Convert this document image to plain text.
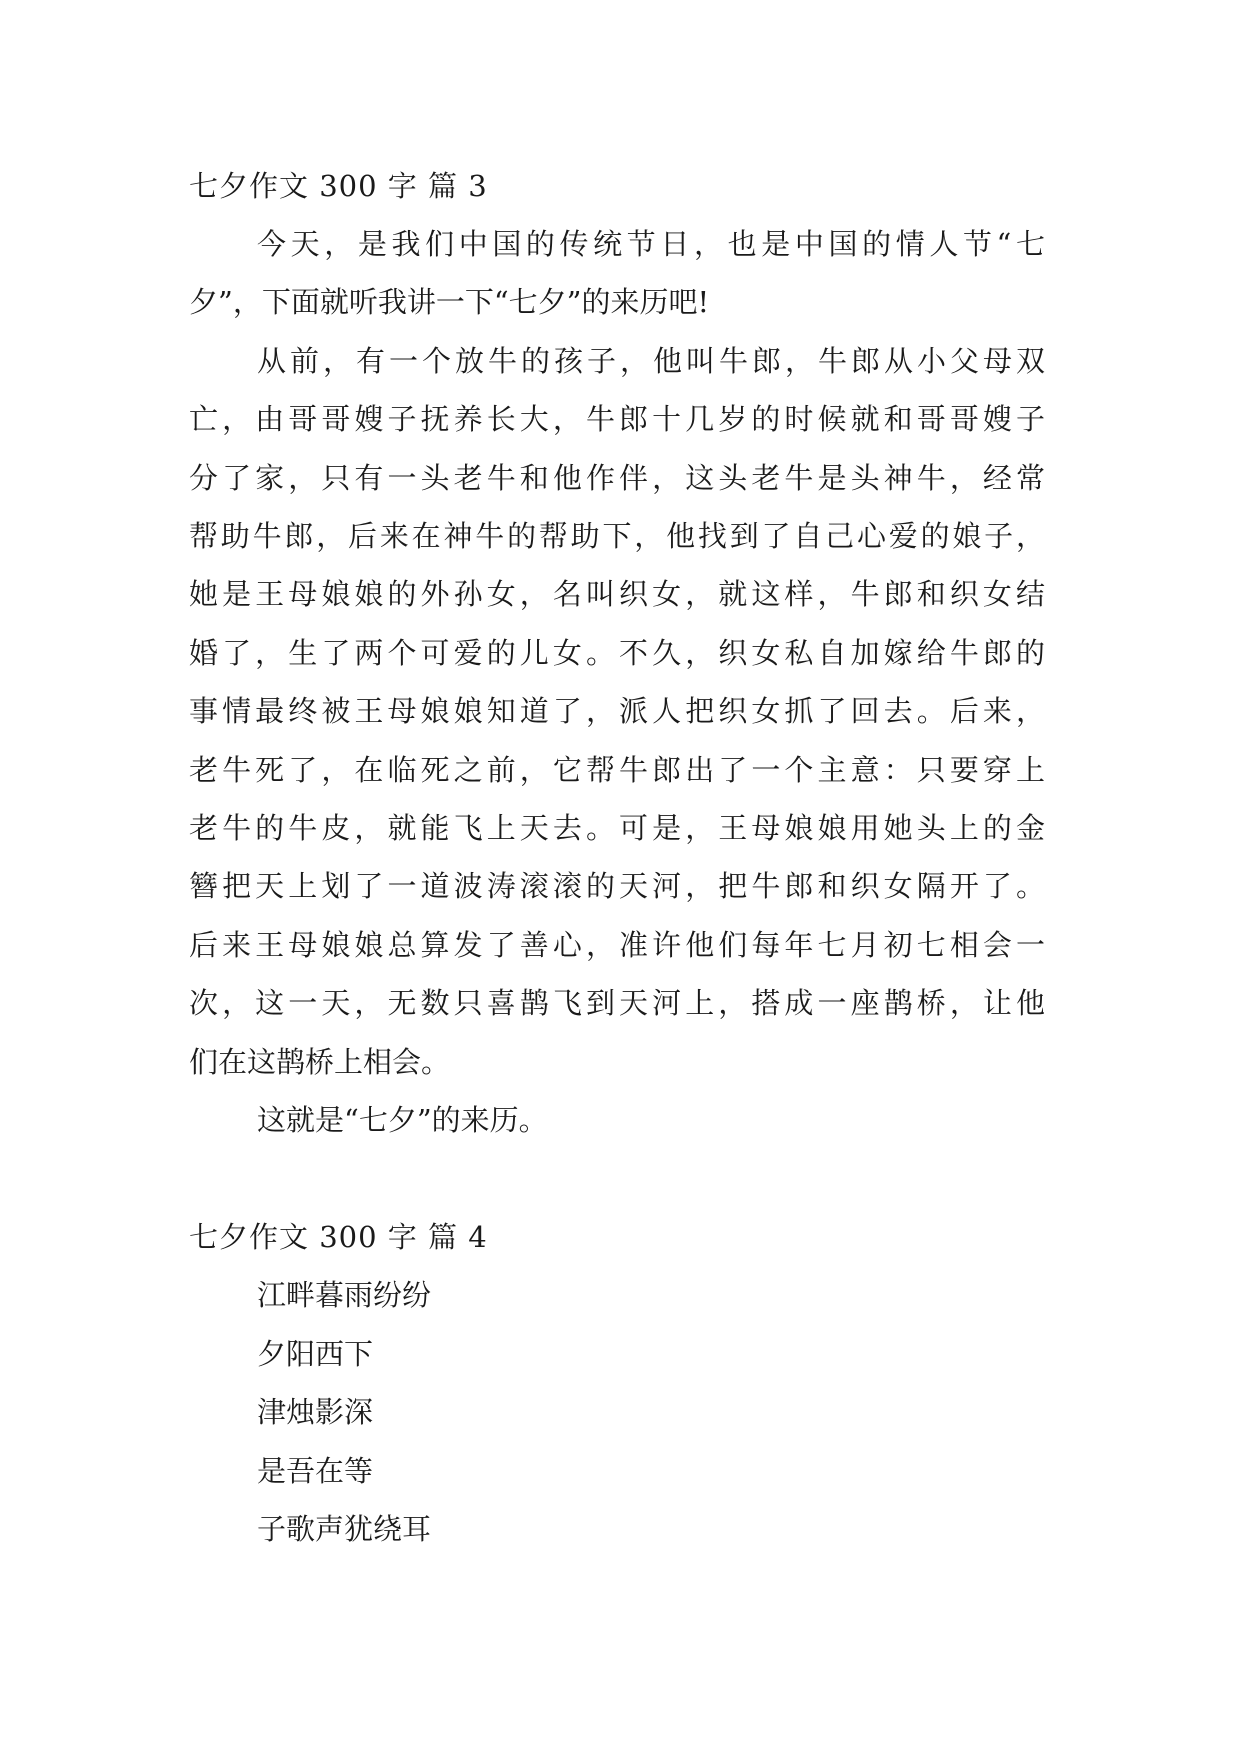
七夕作文 300 字 篇 3
今天，是我们中国的传统节日，也是中国的情人节“七
夕”，下面就听我讲一下“七夕”的来历吧!
从前，有一个放牛的孩子，他叫牛郎，牛郎从小父母双
亡，由哥哥嫂子抚养长大，牛郎十几岁的时候就和哥哥嫂子
分了家，只有一头老牛和他作伴，这头老牛是头神牛，经常
帮助牛郎，后来在神牛的帮助下，他找到了自己心爱的娘子，
她是王母娘娘的外孙女，名叫织女，就这样，牛郎和织女结
婚了，生了两个可爱的儿女。不久，织女私自加嫁给牛郎的
事情最终被王母娘娘知道了，派人把织女抓了回去。后来，
老牛死了，在临死之前，它帮牛郎出了一个主意：只要穿上
老牛的牛皮，就能飞上天去。可是，王母娘娘用她头上的金
簪把天上划了一道波涛滚滚的天河，把牛郎和织女隔开了。
后来王母娘娘总算发了善心，准许他们每年七月初七相会一
次，这一天，无数只喜鹊飞到天河上，搭成一座鹊桥，让他
们在这鹊桥上相会。
这就是“七夕”的来历。
七夕作文 300 字 篇 4
江畔暮雨纷纷
夕阳西下
津烛影深
是吾在等
子歌声犹绕耳
